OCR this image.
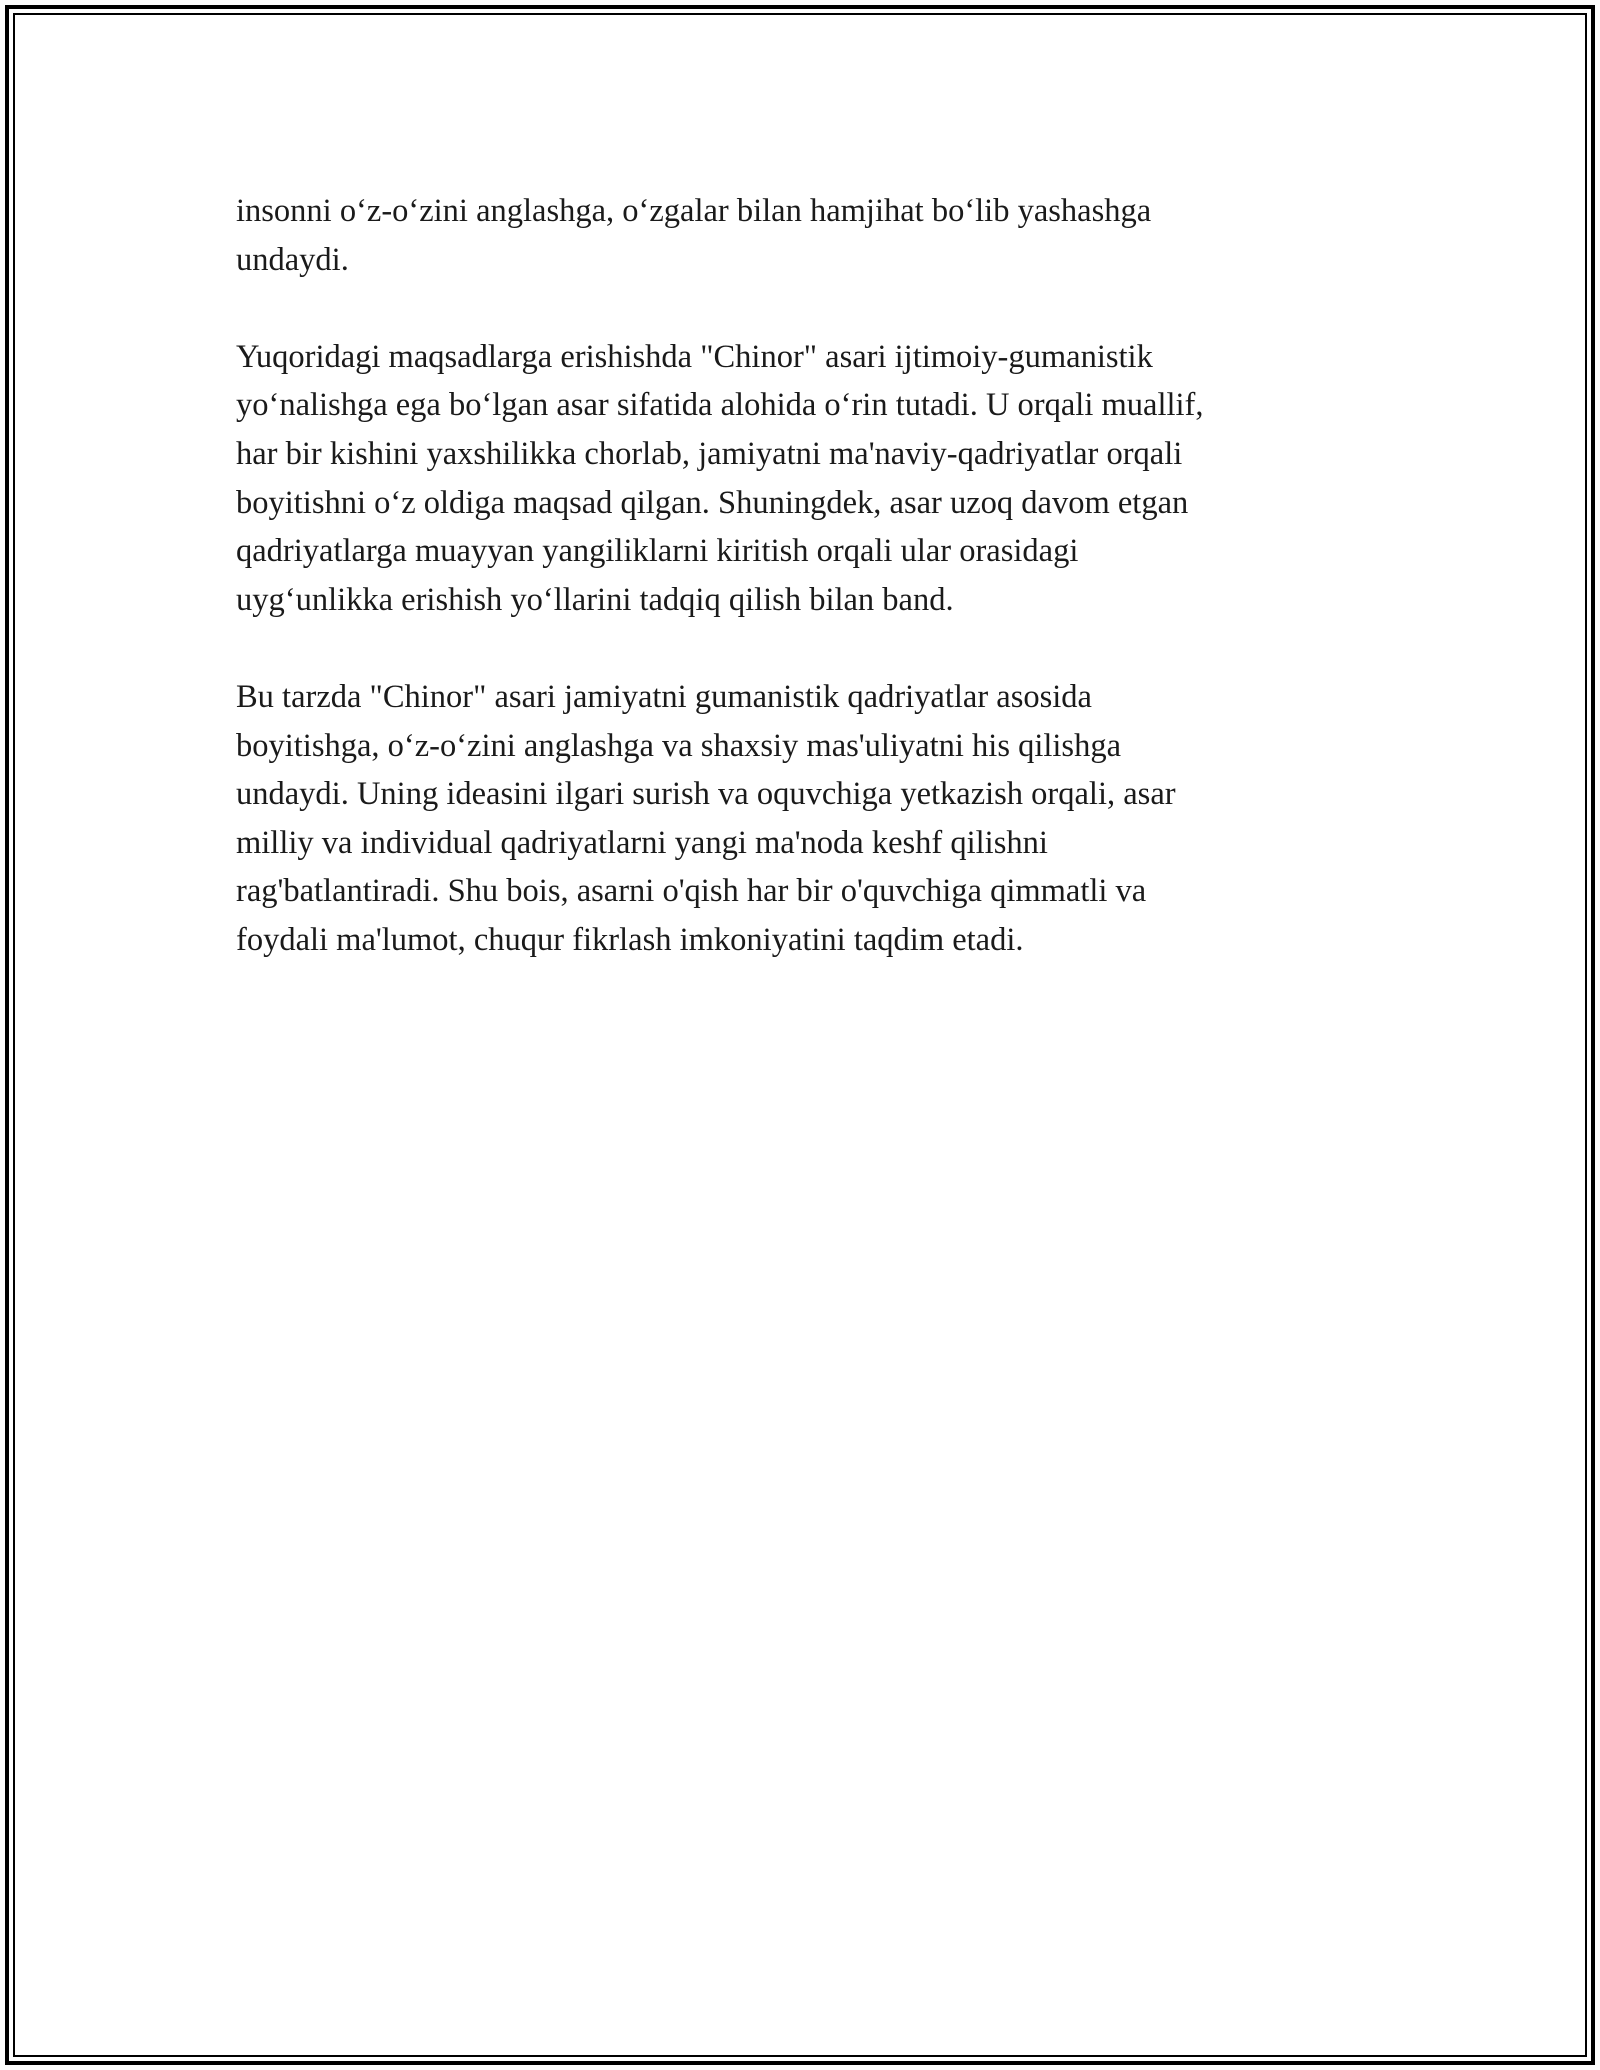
insonni o‘z-o‘zini anglashga, o‘zgalar bilan hamjihat bo‘lib yashashga
undaydi.

Yuqoridagi maqsadlarga erishishda "Chinor" asari ijtimoiy-gumanistik
yo‘nalishga ega bo‘lgan asar sifatida alohida o‘rin tutadi. U orqali muallif,
har bir kishini yaxshilikka chorlab, jamiyatni ma'naviy-qadriyatlar orqali
boyitishni o‘z oldiga maqsad qilgan. Shuningdek, asar uzoq davom etgan
qadriyatlarga muayyan yangiliklarni kiritish orqali ular orasidagi
uyg‘unlikka erishish yo‘llarini tadqiq qilish bilan band.

Bu tarzda "Chinor" asari jamiyatni gumanistik qadriyatlar asosida
boyitishga, o‘z-o‘zini anglashga va shaxsiy mas'uliyatni his qilishga
undaydi. Uning ideasini ilgari surish va oquvchiga yetkazish orqali, asar
milliy va individual qadriyatlarni yangi ma'noda keshf qilishni
rag'batlantiradi. Shu bois, asarni o'qish har bir o'quvchiga qimmatli va
foydali ma'lumot, chuqur fikrlash imkoniyatini taqdim etadi.
